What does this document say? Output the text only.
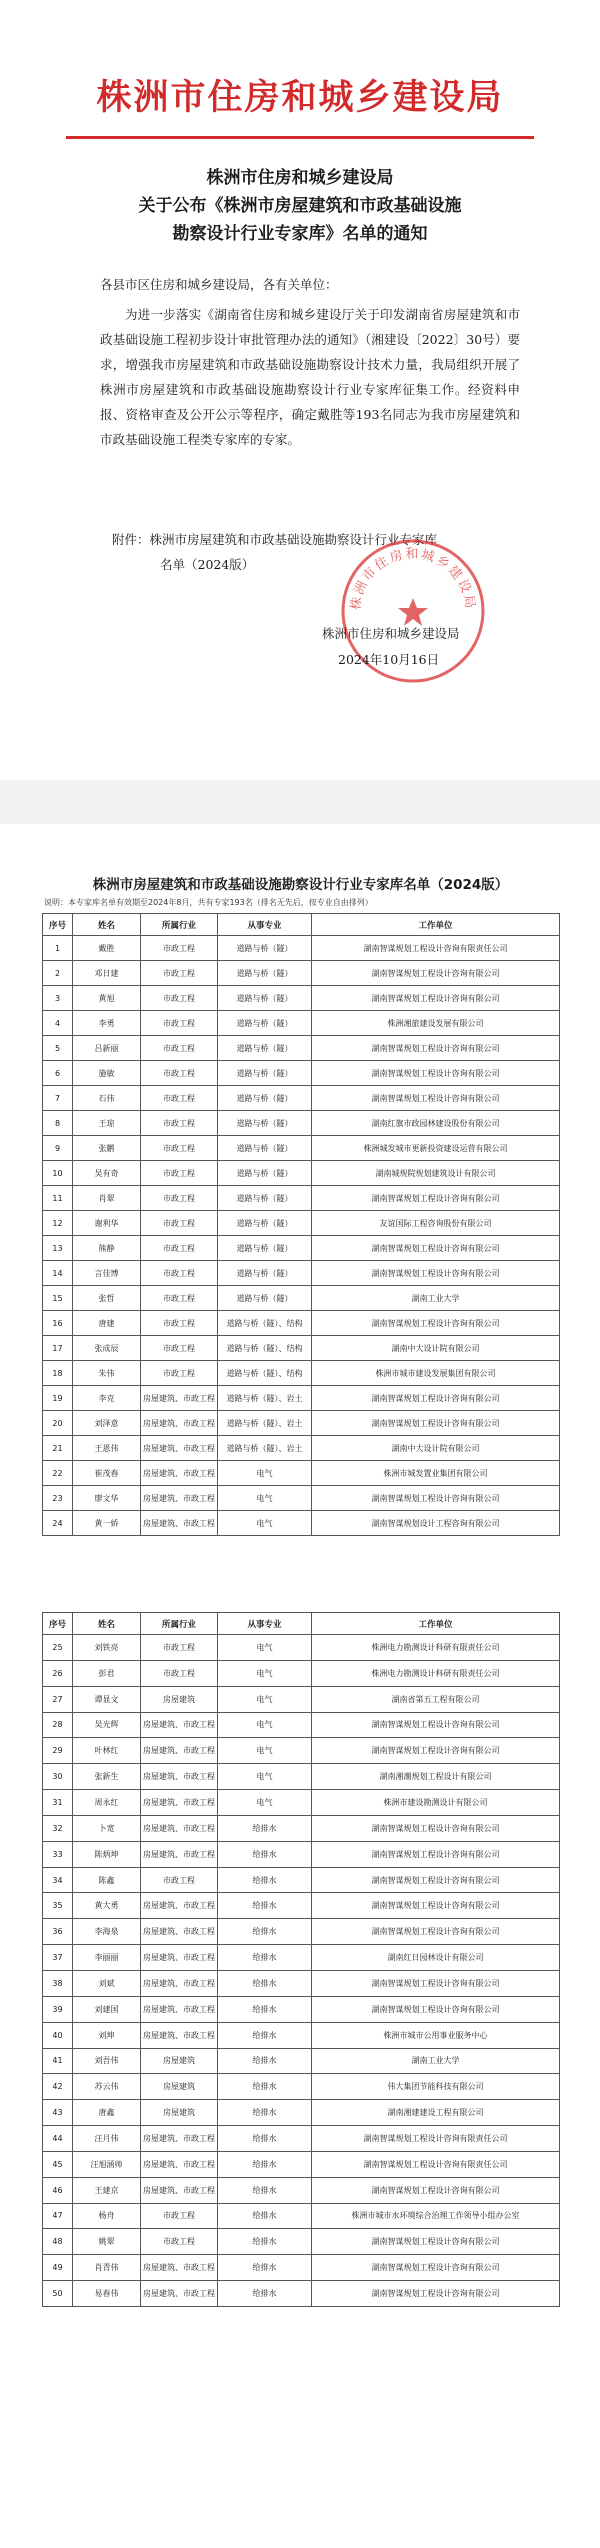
株洲市住房和城乡建设局
株洲市住房和城乡建设局
关于公布《株洲市房屋建筑和市政基础设施
勘察设计行业专家库》名单的通知
各县市区住房和城乡建设局，各有关单位：
为进一步落实《湖南省住房和城乡建设厅关于印发湖南省房屋建筑和市政基础设施工程初步设计审批管理办法的通知》（湘建设〔2022〕30号）要求，增强我市房屋建筑和市政基础设施勘察设计技术力量，我局组织开展了株洲市房屋建筑和市政基础设施勘察设计行业专家库征集工作。经资料申报、资格审查及公开公示等程序，确定戴胜等193名同志为我市房屋建筑和市政基础设施工程类专家库的专家。
附件：株洲市房屋建筑和市政基础设施勘察设计行业专家库
名单（2024版）
株洲市住房和城乡建设局
株洲市住房和城乡建设局
2024年10月16日
株洲市房屋建筑和市政基础设施勘察设计行业专家库名单（2024版）
说明：本专家库名单有效期至2024年8月，共有专家193名（排名无先后，按专业自由排列）
序号	姓名	所属行业	从事专业	工作单位
1	戴胜	市政工程	道路与桥（隧）	湖南智谋规划工程设计咨询有限责任公司
2	邓日建	市政工程	道路与桥（隧）	湖南智谋规划工程设计咨询有限公司
3	黄旭	市政工程	道路与桥（隧）	湖南智谋规划工程设计咨询有限公司
4	李勇	市政工程	道路与桥（隧）	株洲湘旅建设发展有限公司
5	吕新丽	市政工程	道路与桥（隧）	湖南智谋规划工程设计咨询有限公司
6	施敏	市政工程	道路与桥（隧）	湖南智谋规划工程设计咨询有限公司
7	石伟	市政工程	道路与桥（隧）	湖南智谋规划工程设计咨询有限公司
8	王琼	市政工程	道路与桥（隧）	湖南红旗市政园林建设股份有限公司
9	张鹏	市政工程	道路与桥（隧）	株洲城发城市更新投资建设运营有限公司
10	吴有奇	市政工程	道路与桥（隧）	湖南城规院规划建筑设计有限公司
11	肖翠	市政工程	道路与桥（隧）	湖南智谋规划工程设计咨询有限公司
12	谢利华	市政工程	道路与桥（隧）	友谊国际工程咨询股份有限公司
13	熊静	市政工程	道路与桥（隧）	湖南智谋规划工程设计咨询有限公司
14	言佳博	市政工程	道路与桥（隧）	湖南智谋规划工程设计咨询有限公司
15	张哲	市政工程	道路与桥（隧）	湖南工业大学
16	唐建	市政工程	道路与桥（隧）、结构	湖南智谋规划工程设计咨询有限公司
17	张成辰	市政工程	道路与桥（隧）、结构	湖南中大设计院有限公司
18	朱伟	市政工程	道路与桥（隧）、结构	株洲市城市建设发展集团有限公司
19	李克	房屋建筑、市政工程	道路与桥（隧）、岩土	湖南智谋规划工程设计咨询有限公司
20	刘泽意	房屋建筑、市政工程	道路与桥（隧）、岩土	湖南智谋规划工程设计咨询有限公司
21	王恩伟	房屋建筑、市政工程	道路与桥（隧）、岩土	湖南中大设计院有限公司
22	崔茂春	房屋建筑、市政工程	电气	株洲市城发置业集团有限公司
23	廖文华	房屋建筑、市政工程	电气	湖南智谋规划工程设计咨询有限公司
24	黄一娇	房屋建筑、市政工程	电气	湖南智谋规划设计工程咨询有限公司
序号	姓名	所属行业	从事专业	工作单位
25	刘铁亮	市政工程	电气	株洲电力勘测设计科研有限责任公司
26	彭君	市政工程	电气	株洲电力勘测设计科研有限责任公司
27	谭显文	房屋建筑	电气	湖南省第五工程有限公司
28	吴光辉	房屋建筑、市政工程	电气	湖南智谋规划工程设计咨询有限公司
29	叶林红	房屋建筑、市政工程	电气	湖南智谋规划工程设计咨询有限公司
30	张新生	房屋建筑、市政工程	电气	湖南湘潮规划工程设计有限公司
31	周永红	房屋建筑、市政工程	电气	株洲市建设勘测设计有限公司
32	卜宽	房屋建筑、市政工程	给排水	湖南智谋规划工程设计咨询有限公司
33	陈炳坤	房屋建筑、市政工程	给排水	湖南智谋规划工程设计咨询有限公司
34	陈鑫	市政工程	给排水	湖南智谋规划工程设计咨询有限公司
35	黄大勇	房屋建筑、市政工程	给排水	湖南智谋规划工程设计咨询有限公司
36	李海泉	房屋建筑、市政工程	给排水	湖南智谋规划工程设计咨询有限公司
37	李丽丽	房屋建筑、市政工程	给排水	湖南红日园林设计有限公司
38	刘斌	房屋建筑、市政工程	给排水	湖南智谋规划工程设计咨询有限公司
39	刘建国	房屋建筑、市政工程	给排水	湖南智谋规划工程设计咨询有限公司
40	刘坤	房屋建筑、市政工程	给排水	株洲市城市公用事业服务中心
41	刘吾伟	房屋建筑	给排水	湖南工业大学
42	苏云伟	房屋建筑	给排水	伟大集团节能科技有限公司
43	唐鑫	房屋建筑	给排水	湖南湘建建设工程有限公司
44	汪月伟	房屋建筑、市政工程	给排水	湖南智谋规划工程设计咨询有限责任公司
45	汪旭涵帅	房屋建筑、市政工程	给排水	湖南智谋规划工程设计咨询有限责任公司
46	王建京	房屋建筑、市政工程	给排水	湖南智谋规划工程设计咨询有限公司
47	杨舟	市政工程	给排水	株洲市城市水环境综合治理工作领导小组办公室
48	姚翠	市政工程	给排水	湖南智谋规划工程设计咨询有限公司
49	肖青伟	房屋建筑、市政工程	给排水	湖南智谋规划工程设计咨询有限公司
50	易春伟	房屋建筑、市政工程	给排水	湖南智谋规划工程设计咨询有限公司
